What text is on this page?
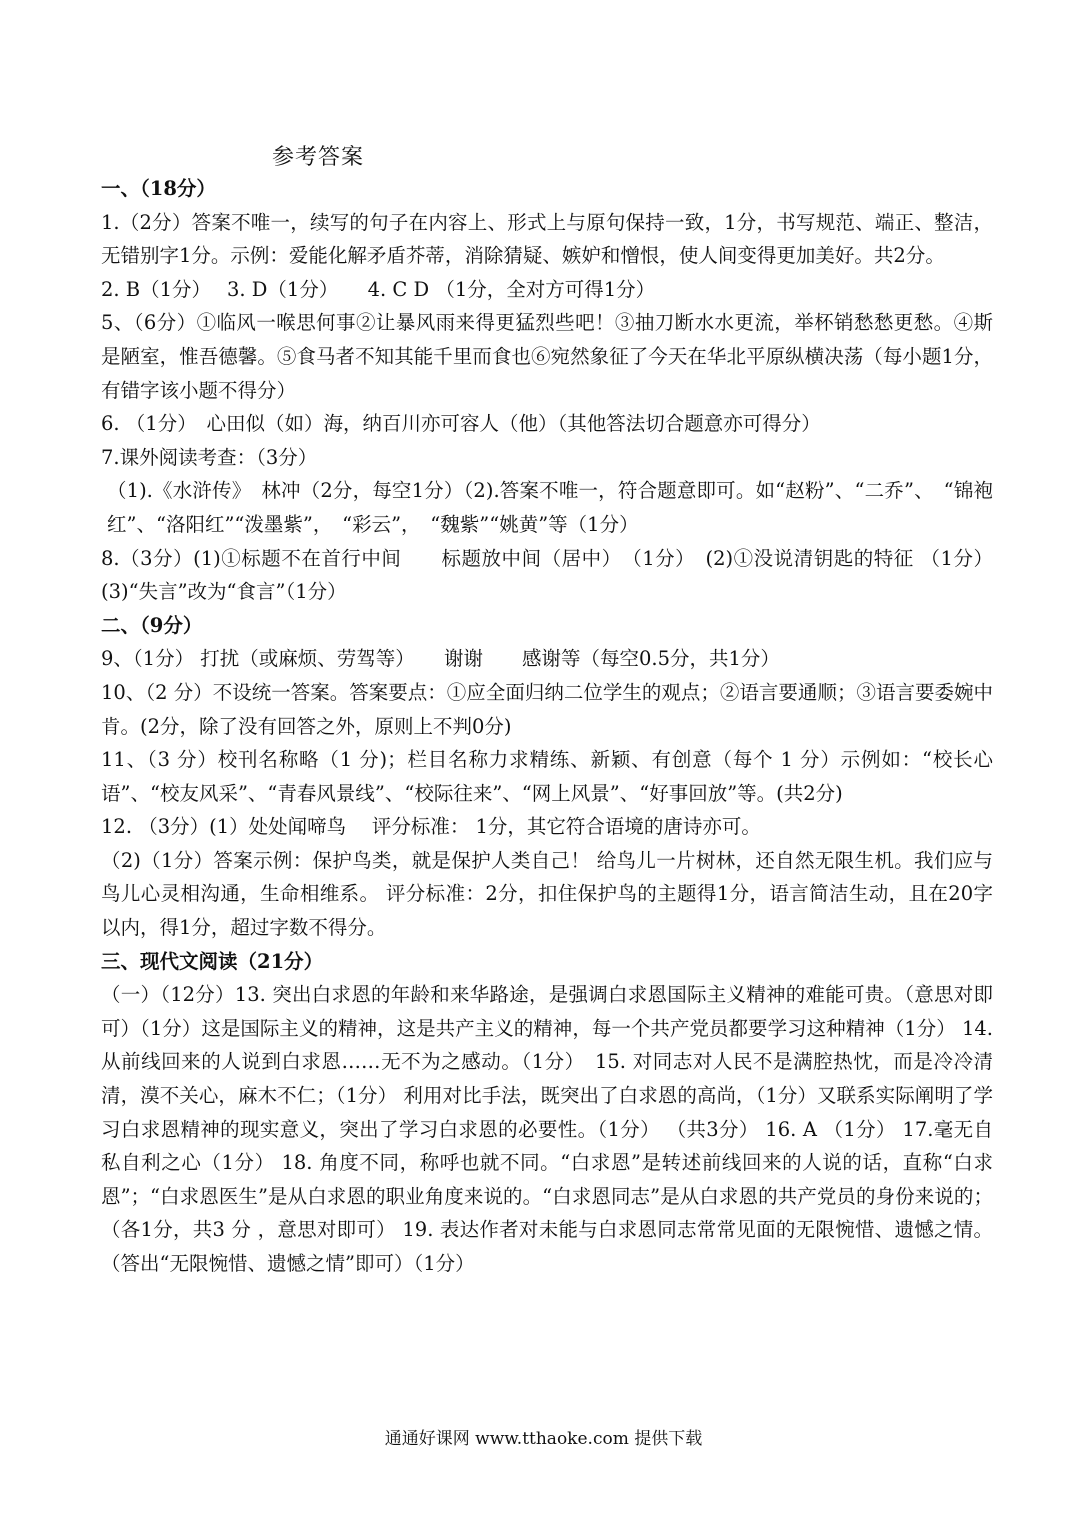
参考答案

一、（18分）

1.（2分）答案不唯一，续写的句子在内容上、形式上与原句保持一致，1分，书写规范、端正、整洁，无错别字1分。示例：爱能化解矛盾芥蒂，消除猜疑、嫉妒和憎恨，使人间变得更加美好。共2分。

2. B（1分）　 3. D（1分）　　4. C D （1分，全对方可得1分）

5、（6分）①临风一喉思何事②让暴风雨来得更猛烈些吧！③抽刀断水水更流，举杯销愁愁更愁。④斯是陋室，惟吾德馨。⑤食马者不知其能千里而食也⑥宛然象征了今天在华北平原纵横决荡（每小题1分，有错字该小题不得分）

6. （1分）　心田似（如）海，纳百川亦可容人（他）（其他答法切合题意亦可得分）

7.课外阅读考查：（3分）

（1).《水浒传》　林冲（2分，每空1分）（2).答案不唯一，符合题意即可。如“赵粉”、“二乔”、　“锦袍红”、“洛阳红”“泼墨紫”，　“彩云”，　“魏紫”“姚黄”等（1分）

8.（3分）(1)①标题不在首行中间　　标题放中间（居中）　（1分）　(2)①没说清钥匙的特征 （1分） (3)“失言”改为“食言”（1分）

二、（9分）

9、（1分） 打扰（或麻烦、劳驾等）　　谢谢　　感谢等（每空0.5分，共1分）

10、（2 分）不设统一答案。答案要点：①应全面归纳二位学生的观点；②语言要通顺；③语言要委婉中肯。(2分，除了没有回答之外，原则上不判0分)

11、（3 分）校刊名称略（1 分)；栏目名称力求精练、新颖、有创意（每个 1 分）示例如：“校长心语”、“校友风采”、“青春风景线”、“校际往来”、“网上风景”、“好事回放”等。(共2分)

12. （3分）(1）处处闻啼鸟　 评分标准： 1分，其它符合语境的唐诗亦可。

（2)（1分）答案示例：保护鸟类，就是保护人类自己！ 给鸟儿一片树林，还自然无限生机。我们应与鸟儿心灵相沟通，生命相维系。 评分标准：2分，扣住保护鸟的主题得1分，语言简洁生动，且在20字以内，得1分，超过字数不得分。

三、现代文阅读（21分）

（一）（12分）13. 突出白求恩的年龄和来华路途，是强调白求恩国际主义精神的难能可贵。（意思对即可）（1分）这是国际主义的精神，这是共产主义的精神，每一个共产党员都要学习这种精神（1分） 14. 从前线回来的人说到白求恩……无不为之感动。（1分）　15. 对同志对人民不是满腔热忱，而是冷冷清清，漠不关心，麻木不仁；（1分） 利用对比手法，既突出了白求恩的高尚，（1分）又联系实际阐明了学习白求恩精神的现实意义，突出了学习白求恩的必要性。（1分） （共3分） 16. A （1分） 17.毫无自私自利之心（1分） 18. 角度不同，称呼也就不同。“白求恩”是转述前线回来的人说的话，直称“白求恩”；“白求恩医生”是从白求恩的职业角度来说的。“白求恩同志”是从白求恩的共产党员的身份来说的；（各1分，共3 分 ，意思对即可） 19. 表达作者对未能与白求恩同志常常见面的无限惋惜、遗憾之情。（答出“无限惋惜、遗憾之情”即可）（1分）

通通好课网 www.tthaoke.com 提供下载
